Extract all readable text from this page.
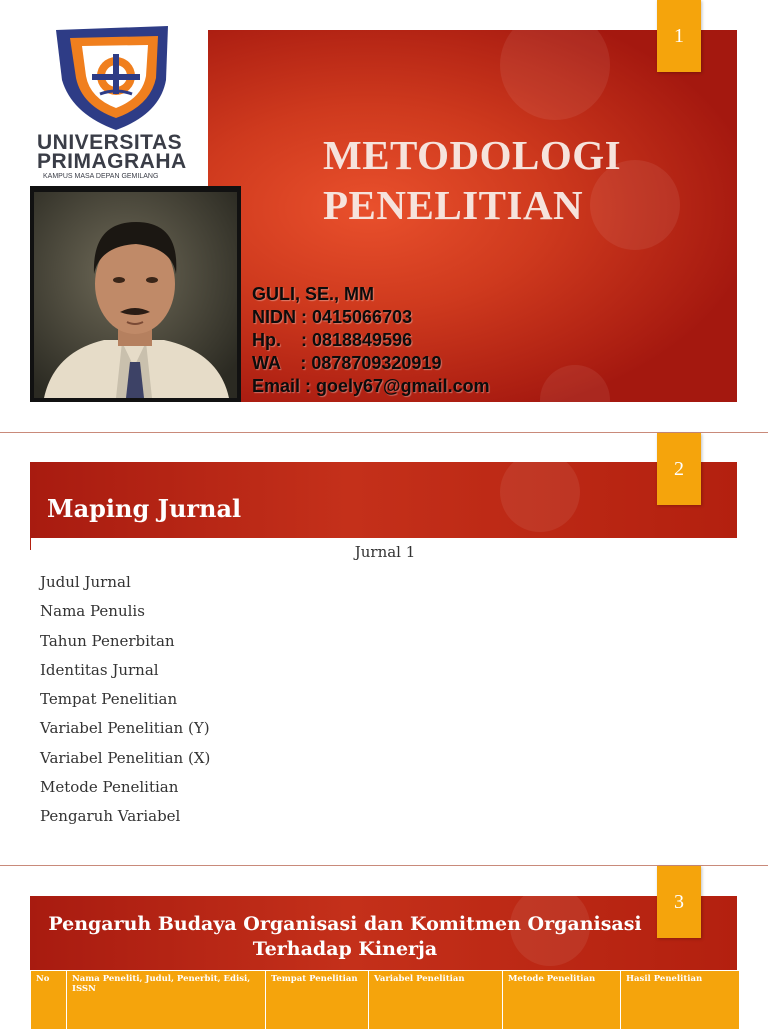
UNIVERSITAS
PRIMAGRAHA
KAMPUS MASA DEPAN GEMILANG	METODOLOGI
PENELITIAN
GULI, SE., MM
NIDN : 0415066703
Hp.    : 0818849596
WA    : 0878709320919
Email : goely67@gmail.com
1
Maping Jurnal
2
Jurnal 1
Judul Jurnal
Nama Penulis
Tahun Penerbitan
Identitas Jurnal
Tempat Penelitian
Variabel Penelitian (Y)
Variabel Penelitian (X)
Metode Penelitian
Pengaruh Variabel
Pengaruh Budaya Organisasi dan Komitmen Organisasi
Terhadap Kinerja
3
No	Nama Peneliti, Judul, Penerbit, Edisi, ISSN	Tempat Penelitian	Variabel Penelitian	Metode Penelitian	Hasil Penelitian
